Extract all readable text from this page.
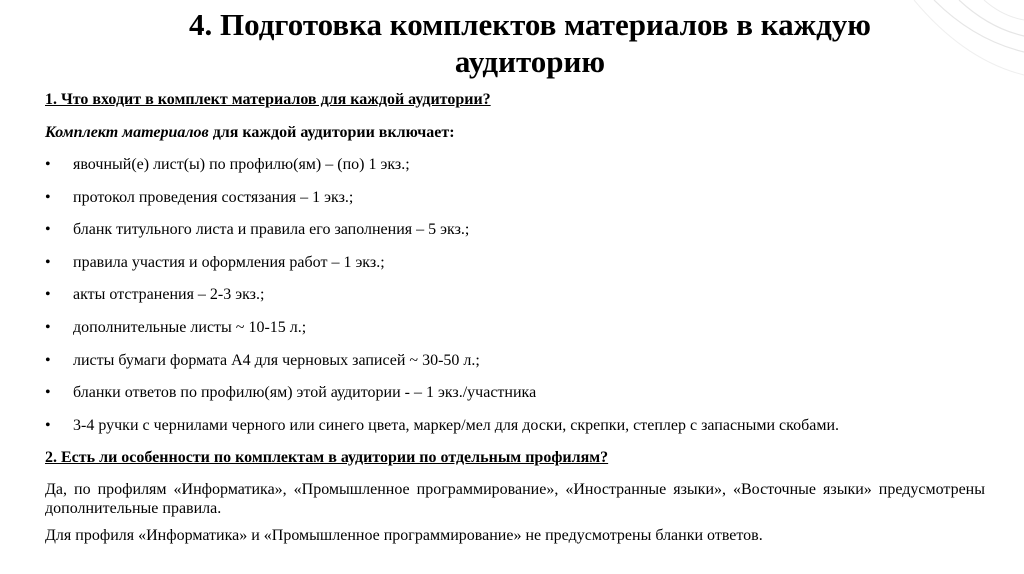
4. Подготовка комплектов материалов в каждую аудиторию

1. Что входит в комплект материалов для каждой аудитории?

Комплект материалов для каждой аудитории включает:

• явочный(е) лист(ы) по профилю(ям) – (по) 1 экз.;
• протокол проведения состязания – 1 экз.;
• бланк титульного листа и правила его заполнения – 5 экз.;
• правила участия и оформления работ – 1 экз.;
• акты отстранения – 2-3 экз.;
• дополнительные листы ~ 10-15 л.;
• листы бумаги формата А4 для черновых записей ~ 30-50 л.;
• бланки ответов по профилю(ям) этой аудитории - – 1 экз./участника
• 3-4 ручки с чернилами черного или синего цвета, маркер/мел для доски, скрепки, степлер с запасными скобами.

2. Есть ли особенности по комплектам в аудитории по отдельным профилям?

Да, по профилям «Информатика», «Промышленное программирование», «Иностранные языки», «Восточные языки» предусмотрены дополнительные правила.

Для профиля «Информатика» и «Промышленное программирование» не предусмотрены бланки ответов.
